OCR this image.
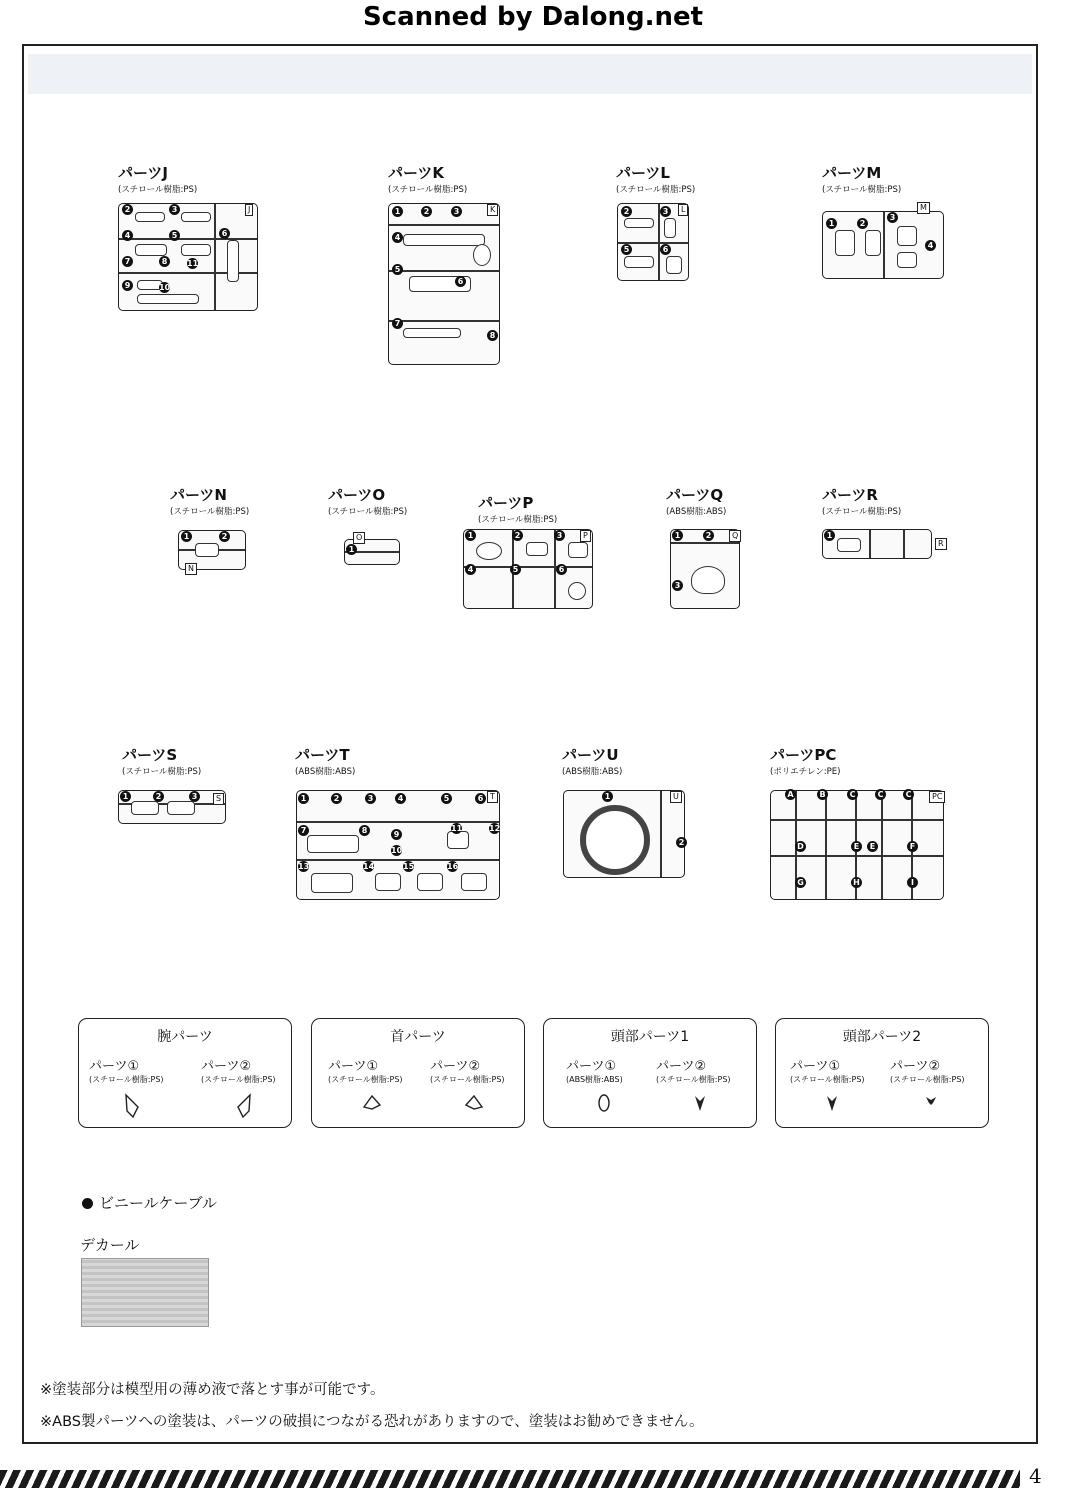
Scanned by Dalong.net
パーツJ
(スチロール樹脂:PS)
2	3
4	5	6
7	8
9	10
11
J
パーツK
(スチロール樹脂:PS)
1	2	3
4
5
6
7
8
K
パーツL
(スチロール樹脂:PS)
2	3
5	6
L
パーツM
(スチロール樹脂:PS)
1	2
3
4
M
パーツN
(スチロール樹脂:PS)
1	2
N
パーツO
(スチロール樹脂:PS)
1
O
パーツP
(スチロール樹脂:PS)
1	2	3
4	5	6
P
パーツQ
(ABS樹脂:ABS)
1	2
3
Q
パーツR
(スチロール樹脂:PS)
1
R
パーツS
(スチロール樹脂:PS)
1	2	3	S
パーツT
(ABS樹脂:ABS)
1	2	3	4	5	6
7	8	9
10
11	12
13	14	15	16
T
パーツU
(ABS樹脂:ABS)
1
2
U
パーツPC
(ポリエチレン:PE)
A	B	C	C	C
D	E	E	F
G	H	I
PC
腕パーツ
パーツ①
(スチロール樹脂:PS)
パーツ②
(スチロール樹脂:PS)
首パーツ
パーツ①
(スチロール樹脂:PS)
パーツ②
(スチロール樹脂:PS)
頭部パーツ1
パーツ①
(ABS樹脂:ABS)
パーツ②
(スチロール樹脂:PS)
頭部パーツ2
パーツ①
(スチロール樹脂:PS)
パーツ②
(スチロール樹脂:PS)
ビニールケーブル
デカール
※塗装部分は模型用の薄め液で落とす事が可能です。
※ABS製パーツへの塗装は、パーツの破損につながる恐れがありますので、塗装はお勧めできません。
4
